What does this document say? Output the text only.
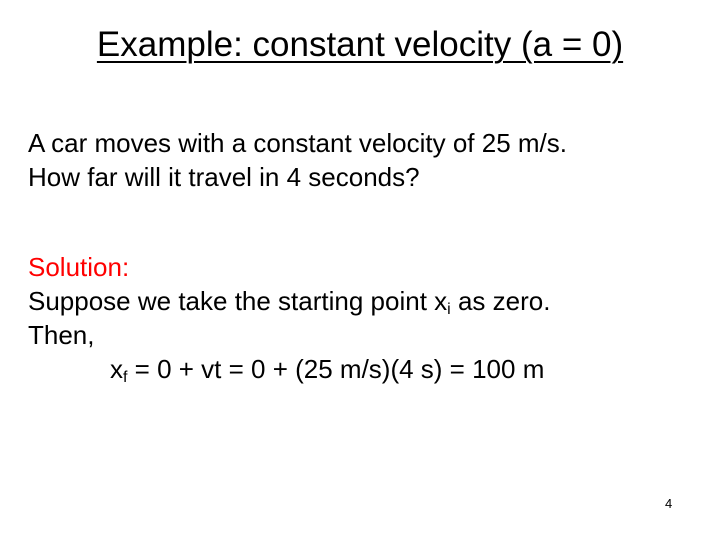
Example: constant velocity (a = 0)
A car moves with a constant velocity of 25 m/s.
How far will it travel in 4 seconds?
Solution:
Suppose we take the starting point $x_i$ as zero.
Then,
$x_f = 0$ + vt = 0 + (25 m/s)(4 s) = 100 m
4
